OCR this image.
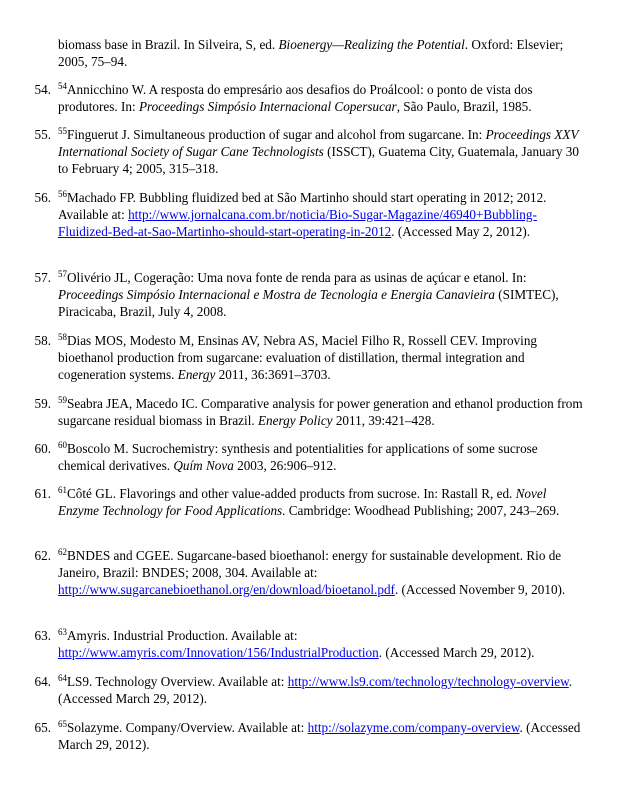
biomass base in Brazil. In Silveira, S, ed. Bioenergy—Realizing the Potential. Oxford: Elsevier; 2005, 75–94.
54. $^{54}$Annicchino W. A resposta do empresário aos desafios do Proálcool: o ponto de vista dos produtores. In: Proceedings Simpósio Internacional Copersucar, São Paulo, Brazil, 1985.
55. $^{55}$Finguerut J. Simultaneous production of sugar and alcohol from sugarcane. In: Proceedings XXV International Society of Sugar Cane Technologists (ISSCT), Guatema City, Guatemala, January 30 to February 4; 2005, 315–318.
56. $^{56}$Machado FP. Bubbling fluidized bed at São Martinho should start operating in 2012; 2012. Available at: http://www.jornalcana.com.br/noticia/Bio-Sugar-Magazine/46940+Bubbling-Fluidized-Bed-at-Sao-Martinho-should-start-operating-in-2012. (Accessed May 2, 2012).
57. $^{57}$Olivério JL, Cogeração: Uma nova fonte de renda para as usinas de açúcar e etanol. In: Proceedings Simpósio Internacional e Mostra de Tecnologia e Energia Canavieira (SIMTEC), Piracicaba, Brazil, July 4, 2008.
58. $^{58}$Dias MOS, Modesto M, Ensinas AV, Nebra AS, Maciel Filho R, Rossell CEV. Improving bioethanol production from sugarcane: evaluation of distillation, thermal integration and cogeneration systems. Energy 2011, 36:3691–3703.
59. $^{59}$Seabra JEA, Macedo IC. Comparative analysis for power generation and ethanol production from sugarcane residual biomass in Brazil. Energy Policy 2011, 39:421–428.
60. $^{60}$Boscolo M. Sucrochemistry: synthesis and potentialities for applications of some sucrose chemical derivatives. Quím Nova 2003, 26:906–912.
61. $^{61}$Côté GL. Flavorings and other value-added products from sucrose. In: Rastall R, ed. Novel Enzyme Technology for Food Applications. Cambridge: Woodhead Publishing; 2007, 243–269.
62. $^{62}$BNDES and CGEE. Sugarcane-based bioethanol: energy for sustainable development. Rio de Janeiro, Brazil: BNDES; 2008, 304. Available at: http://www.sugarcanebioethanol.org/en/download/bioetanol.pdf. (Accessed November 9, 2010).
63. $^{63}$Amyris. Industrial Production. Available at: http://www.amyris.com/Innovation/156/IndustrialProduction. (Accessed March 29, 2012).
64. $^{64}$LS9. Technology Overview. Available at: http://www.ls9.com/technology/technology-overview. (Accessed March 29, 2012).
65. $^{65}$Solazyme. Company/Overview. Available at: http://solazyme.com/company-overview. (Accessed March 29, 2012).
